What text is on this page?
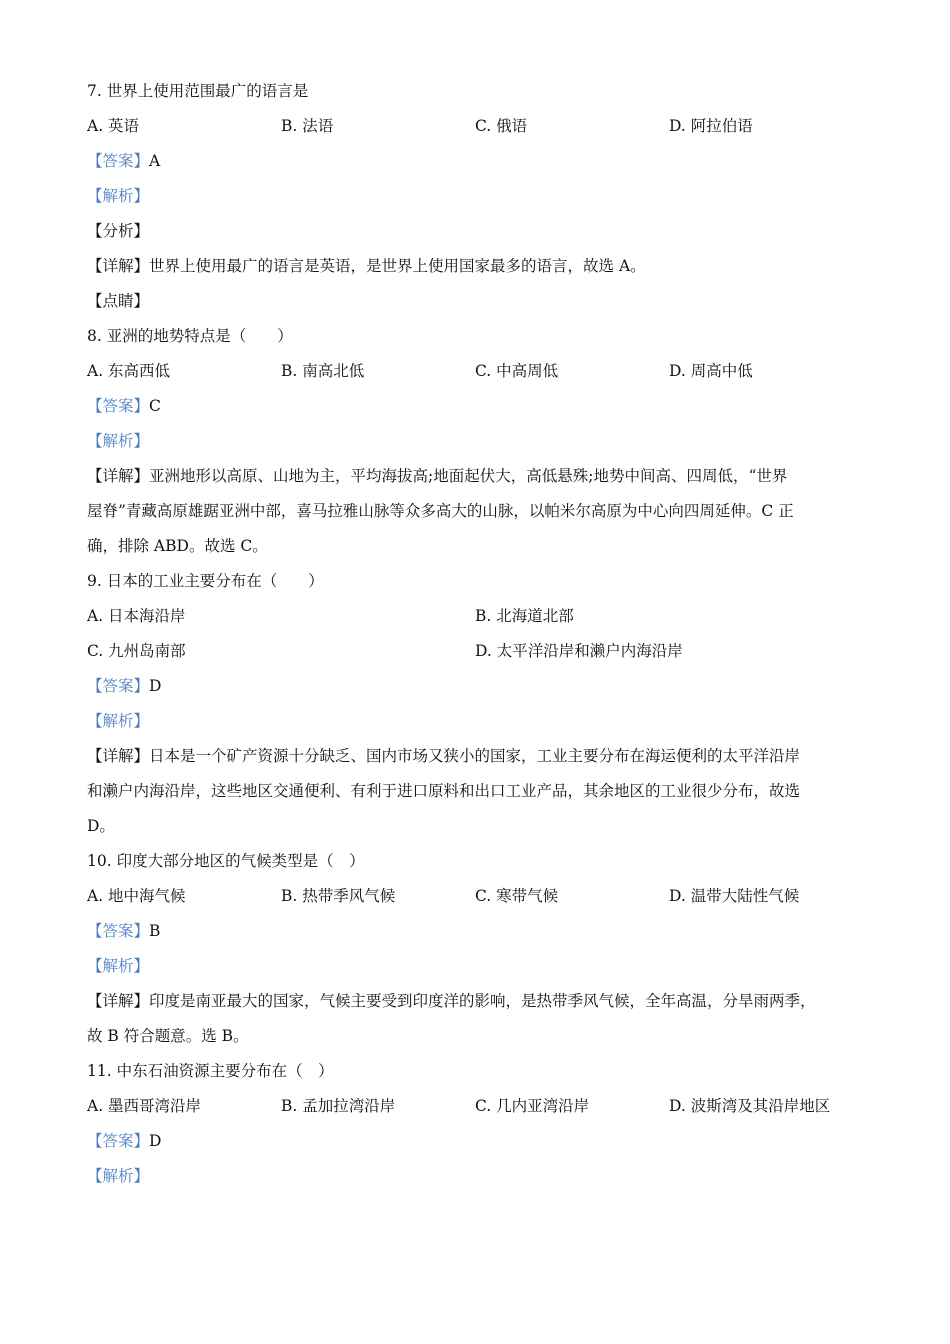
7. 世界上使用范围最广的语言是
A. 英语	B. 法语	C. 俄语	D. 阿拉伯语
【答案】A
【解析】
【分析】
【详解】世界上使用最广的语言是英语，是世界上使用国家最多的语言，故选 A。
【点睛】
8. 亚洲的地势特点是（　　）
A. 东高西低	B. 南高北低	C. 中高周低	D. 周高中低
【答案】C
【解析】
【详解】亚洲地形以高原、山地为主，平均海拔高;地面起伏大，高低悬殊;地势中间高、四周低，“世界
屋脊”青藏高原雄踞亚洲中部，喜马拉雅山脉等众多高大的山脉，以帕米尔高原为中心向四周延伸。C 正
确，排除 ABD。故选 C。
9. 日本的工业主要分布在（　　）
A. 日本海沿岸	B. 北海道北部
C. 九州岛南部	D. 太平洋沿岸和濑户内海沿岸
【答案】D
【解析】
【详解】日本是一个矿产资源十分缺乏、国内市场又狭小的国家，工业主要分布在海运便利的太平洋沿岸
和濑户内海沿岸，这些地区交通便利、有利于进口原料和出口工业产品，其余地区的工业很少分布，故选
D。
10. 印度大部分地区的气候类型是（　）
A. 地中海气候	B. 热带季风气候	C. 寒带气候	D. 温带大陆性气候
【答案】B
【解析】
【详解】印度是南亚最大的国家，气候主要受到印度洋的影响，是热带季风气候，全年高温，分旱雨两季，
故 B 符合题意。选 B。
11. 中东石油资源主要分布在（　）
A. 墨西哥湾沿岸	B. 孟加拉湾沿岸	C. 几内亚湾沿岸	D. 波斯湾及其沿岸地区
【答案】D
【解析】
